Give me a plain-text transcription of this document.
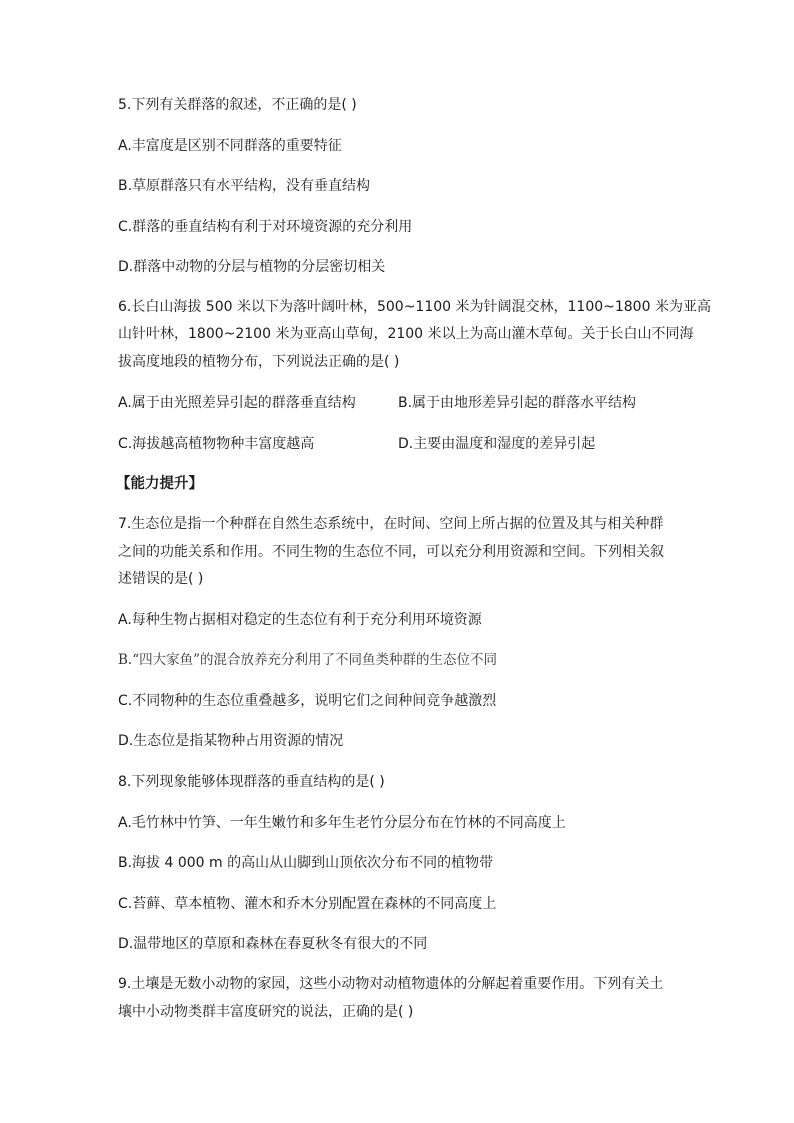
5.下列有关群落的叙述，不正确的是( )
A.丰富度是区别不同群落的重要特征
B.草原群落只有水平结构，没有垂直结构
C.群落的垂直结构有利于对环境资源的充分利用
D.群落中动物的分层与植物的分层密切相关
6.长白山海拔 500 米以下为落叶阔叶林，500~1100 米为针阔混交林，1100~1800 米为亚高
山针叶林，1800~2100 米为亚高山草甸，2100 米以上为高山灌木草甸。关于长白山不同海
拔高度地段的植物分布，下列说法正确的是( )
A.属于由光照差异引起的群落垂直结构	B.属于由地形差异引起的群落水平结构
C.海拔越高植物物种丰富度越高	D.主要由温度和湿度的差异引起
【能力提升】
7.生态位是指一个种群在自然生态系统中，在时间、空间上所占据的位置及其与相关种群
之间的功能关系和作用。不同生物的生态位不同，可以充分利用资源和空间。下列相关叙
述错误的是( )
A.每种生物占据相对稳定的生态位有利于充分利用环境资源
B.“四大家鱼”的混合放养充分利用了不同鱼类种群的生态位不同
C.不同物种的生态位重叠越多，说明它们之间种间竞争越激烈
D.生态位是指某物种占用资源的情况
8.下列现象能够体现群落的垂直结构的是( )
A.毛竹林中竹笋、一年生嫩竹和多年生老竹分层分布在竹林的不同高度上
B.海拔 4 000 m 的高山从山脚到山顶依次分布不同的植物带
C.苔藓、草本植物、灌木和乔木分别配置在森林的不同高度上
D.温带地区的草原和森林在春夏秋冬有很大的不同
9.土壤是无数小动物的家园，这些小动物对动植物遗体的分解起着重要作用。下列有关土
壤中小动物类群丰富度研究的说法，正确的是( )
